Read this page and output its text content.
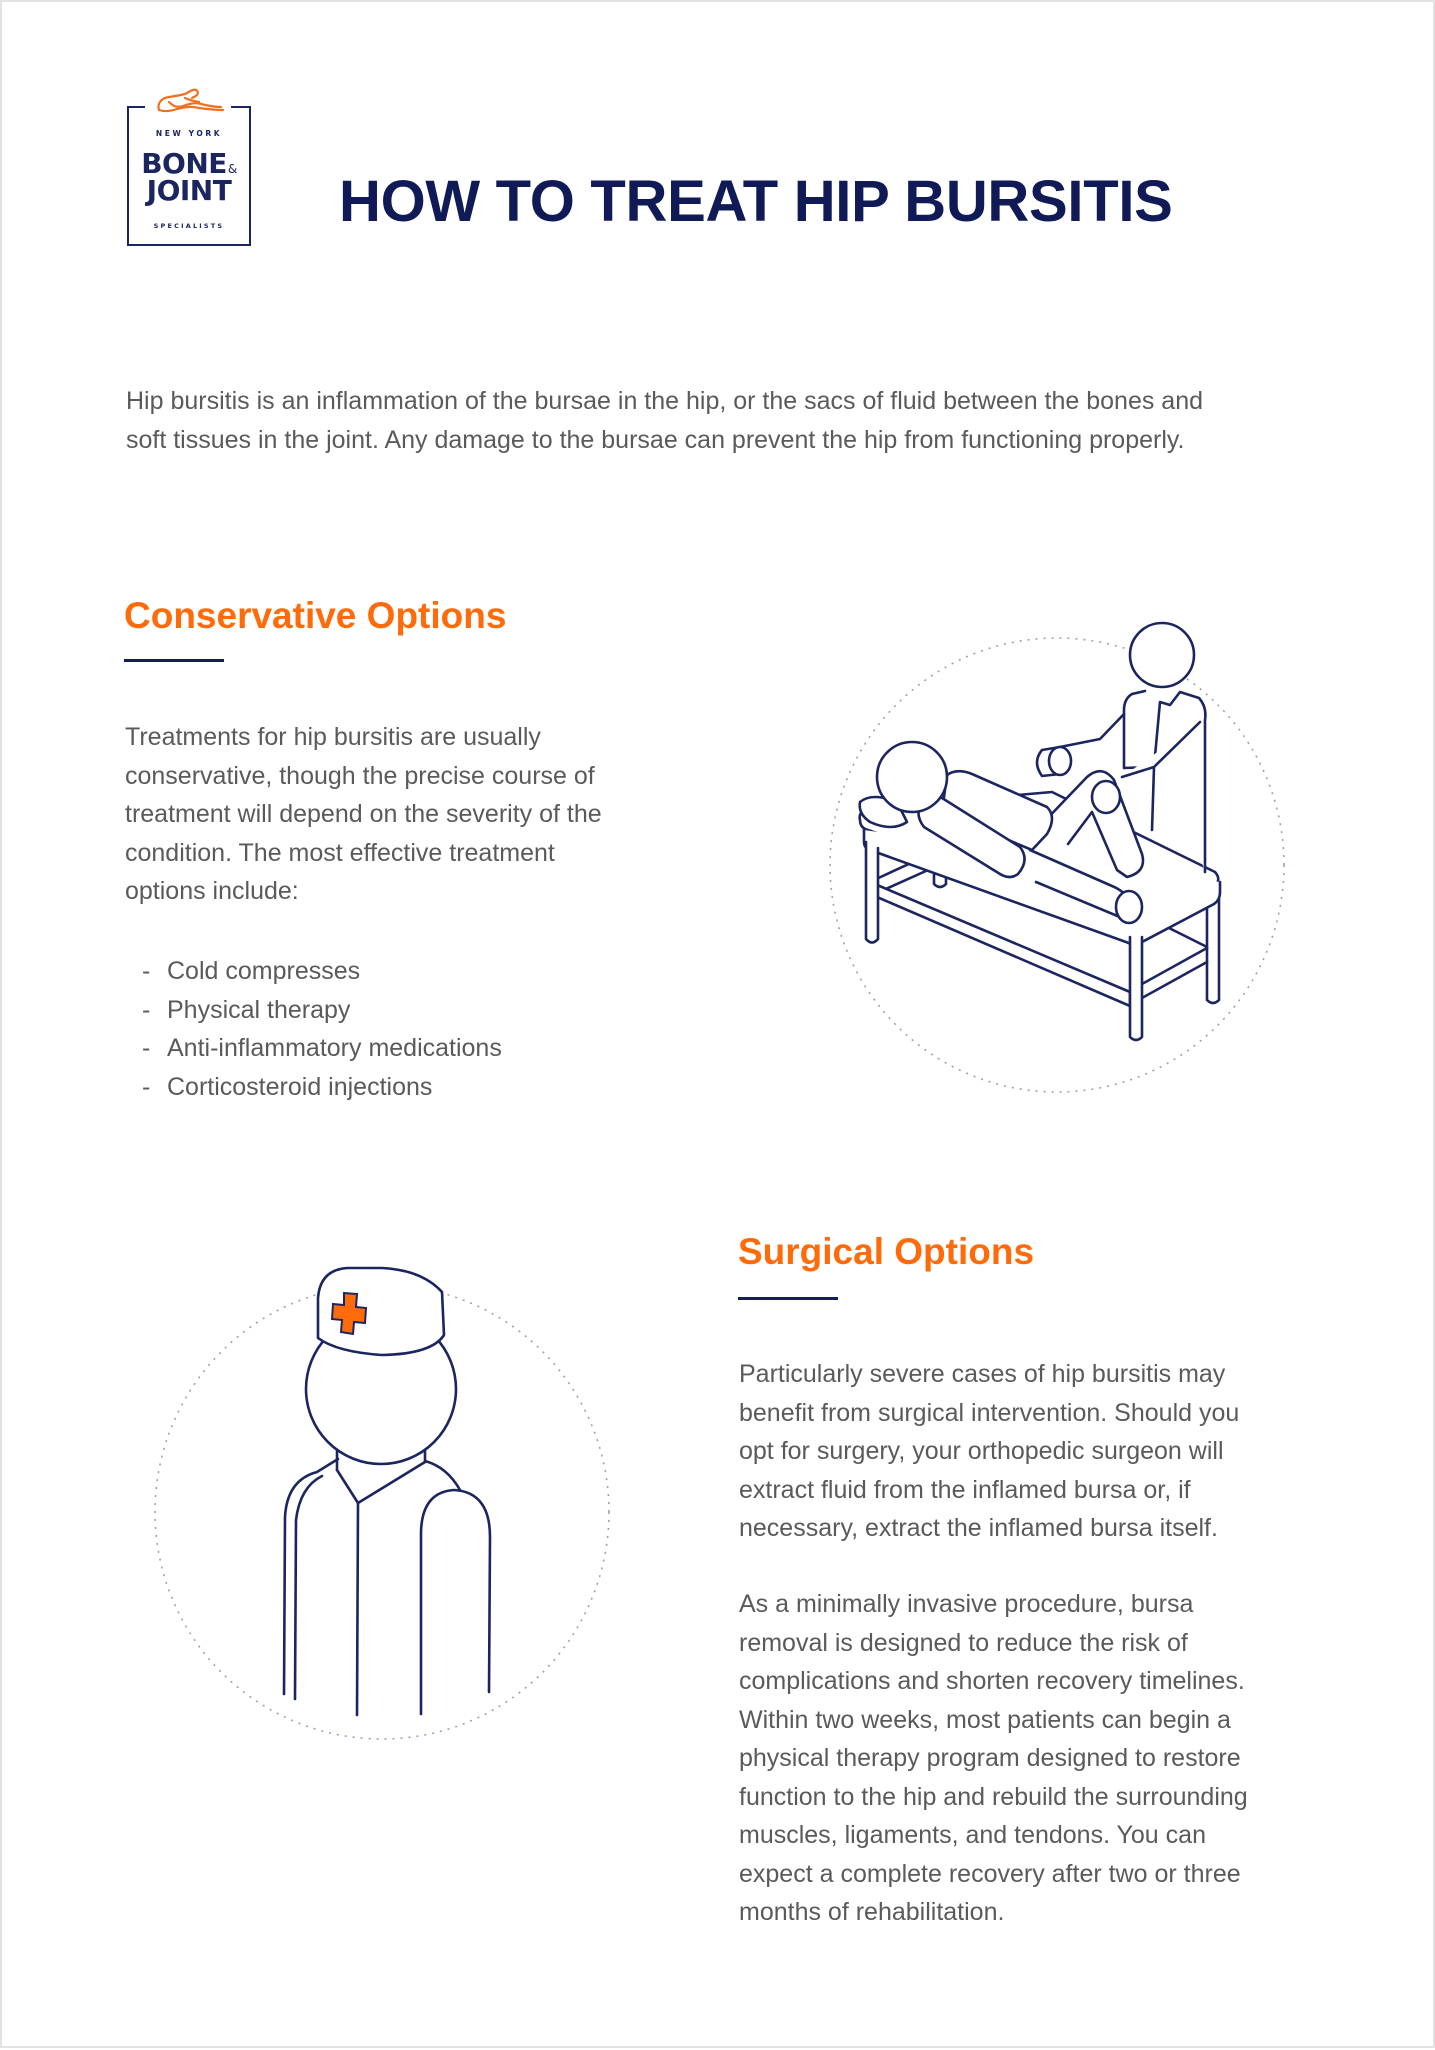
NEW YORK
BONE&
JOINT
SPECIALISTS	HOW TO TREAT HIP BURSITIS
Hip bursitis is an inflammation of the bursae in the hip, or the sacs of fluid between the bones and
soft tissues in the joint. Any damage to the bursae can prevent the hip from functioning properly.
Conservative Options
Treatments for hip bursitis are usually
conservative, though the precise course of
treatment will depend on the severity of the
condition. The most effective treatment
options include:
- Cold compresses
- Physical therapy
- Anti-inflammatory medications
- Corticosteroid injections
Surgical Options
Particularly severe cases of hip bursitis may
benefit from surgical intervention. Should you
opt for surgery, your orthopedic surgeon will
extract fluid from the inflamed bursa or, if
necessary, extract the inflamed bursa itself.
As a minimally invasive procedure, bursa
removal is designed to reduce the risk of
complications and shorten recovery timelines.
Within two weeks, most patients can begin a
physical therapy program designed to restore
function to the hip and rebuild the surrounding
muscles, ligaments, and tendons. You can
expect a complete recovery after two or three
months of rehabilitation.
